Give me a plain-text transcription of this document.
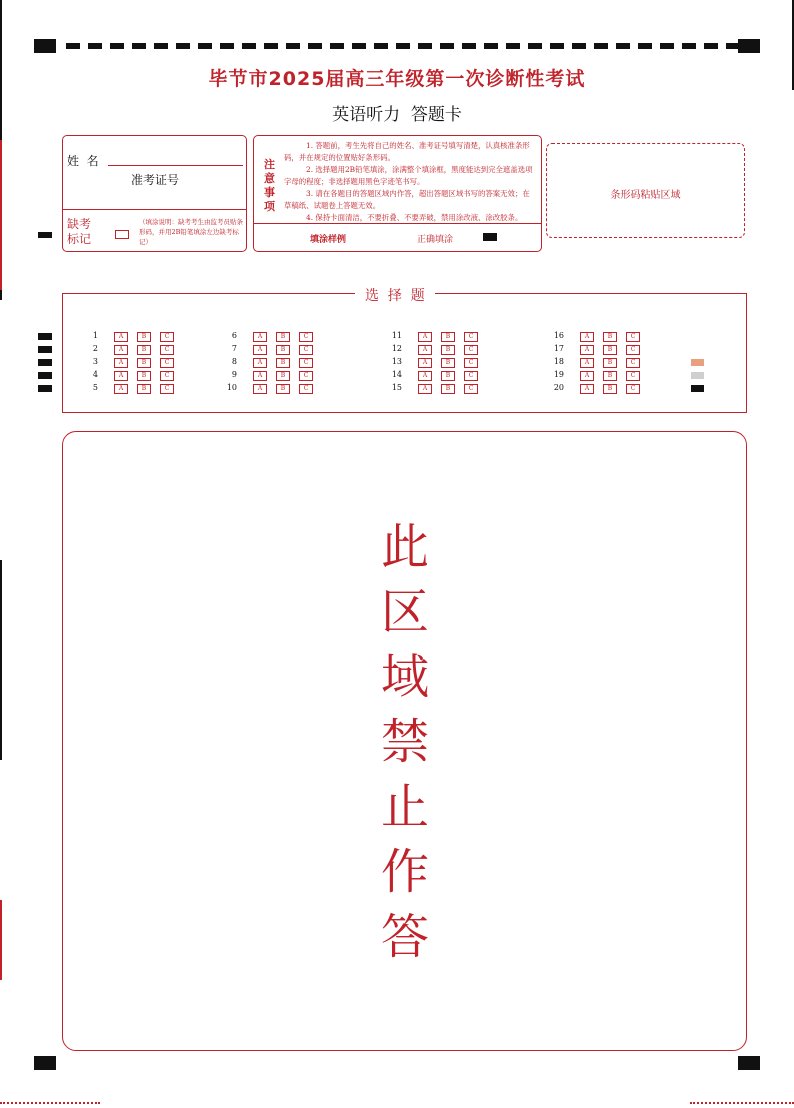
毕节市2025届高三年级第一次诊断性考试
英语听力  答题卡
姓  名
准考证号
缺考
标记
（填涂说明：缺考考生由监考员贴条形码，并用2B铅笔填涂左边缺考标记）
注意事项
1. 答题前，考生先将自己的姓名、准考证号填写清楚，认真核准条形码，并在规定的位置贴好条形码。
2. 选择题用2B铅笔填涂，涂满整个填涂框，黑度能达到完全遮盖选项字母的程度；非选择题用黑色字迹笔书写。
3. 请在各题目的答题区域内作答，超出答题区域书写的答案无效；在草稿纸、试题卷上答题无效。
4. 保持卡面清洁，不要折叠、不要弄破，禁用涂改液、涂改胶条。
填涂样例	正确填涂
条形码粘贴区域
选  择  题
1	A	B	C
2	A	B	C
3	A	B	C
4	A	B	C
5	A	B	C
6	A	B	C
7	A	B	C
8	A	B	C
9	A	B	C
10	A	B	C
11	A	B	C
12	A	B	C
13	A	B	C
14	A	B	C
15	A	B	C
16	A	B	C
17	A	B	C
18	A	B	C
19	A	B	C
20	A	B	C
此
区
域
禁
止
作
答
